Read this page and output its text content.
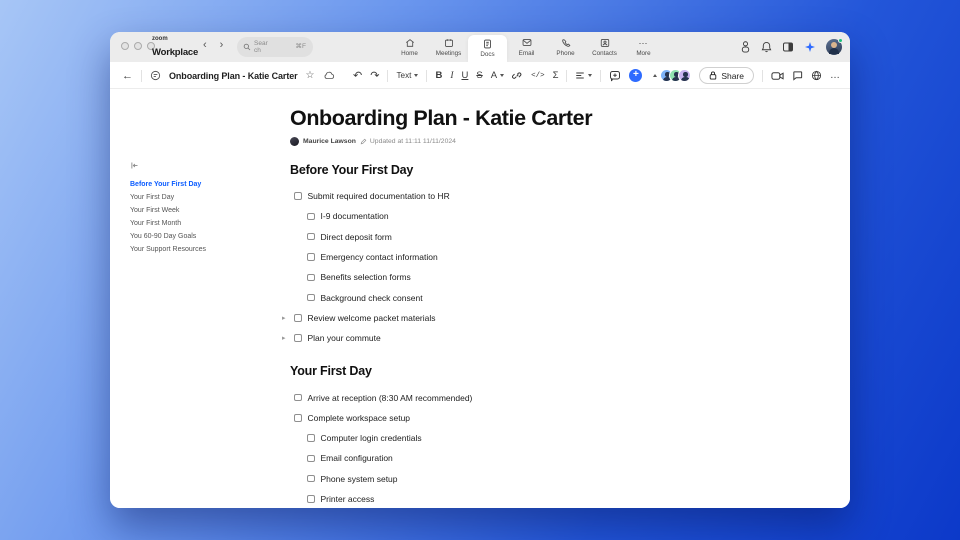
zoom
Workplace
‹ ›	Search
⌘F
Home	Meetings	Docs	Email	Phone	Contacts
⋯
More
←	Onboarding Plan - Katie Carter ☆	↶ ↷ Text	B I U S A	</> Σ	+	Share	…
Before Your First Day
Your First Day
Your First Week
Your First Month
You 60-90 Day Goals
Your Support Resources
Onboarding Plan - Katie Carter
Maurice Lawson Updated at 11:11 11/11/2024
Before Your First Day
Submit required documentation to HR
I-9 documentation
Direct deposit form
Emergency contact information
Benefits selection forms
Background check consent
▸	Review welcome packet materials
▸	Plan your commute
Your First Day
Arrive at reception (8:30 AM recommended)
Complete workspace setup
Computer login credentials
Email configuration
Phone system setup
Printer access
